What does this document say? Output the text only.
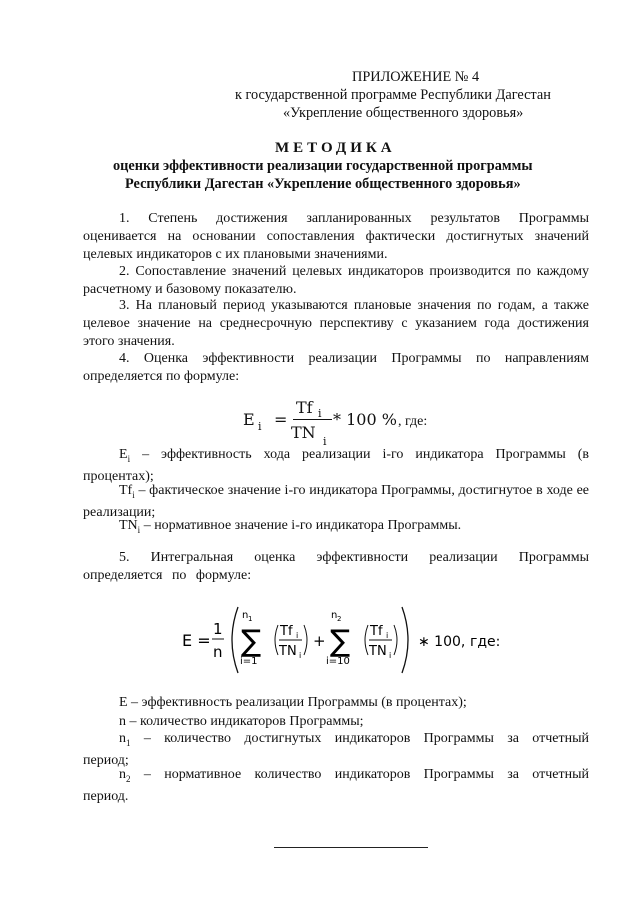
ПРИЛОЖЕНИЕ № 4
к государственной программе Республики Дагестан
«Укрепление общественного здоровья»
МЕТОДИКА
оценки эффективности реализации государственной программы
Республики Дагестан «Укрепление общественного здоровья»
1. Степень достижения запланированных результатов Программы оценивается на основании сопоставления фактически достигнутых значений целевых индикаторов с их плановыми значениями.
2. Сопоставление значений целевых индикаторов производится по каждому расчетному и базовому показателю.
3. На плановый период указываются плановые значения по годам, а также целевое значение на среднесрочную перспективу с указанием года достижения этого значения.
4. Оценка эффективности реализации Программы по направлениям определяется по формуле:
E i =
Tf i
TN i
* 100 % , где:
$E_i$ – эффективность хода реализации i-го индикатора Программы (в процентах);
$Tf_i$ – фактическое значение i-го индикатора Программы, достигнутое в ходе ее реализации;
$TN_i$ – нормативное значение i-го индикатора Программы.
5. Интегральная оценка эффективности реализации Программы определяется по формуле:
E =
1
n ∑
n 1
i=1
Tf i
TN i
+ ∑
n 2
i=10
Tf i
TN i
∗ 100, где:
E – эффективность реализации Программы (в процентах);
n – количество индикаторов Программы;
$n_1$ – количество достигнутых индикаторов Программы за отчетный период;
$n_2$ – нормативное количество индикаторов Программы за отчетный период.
